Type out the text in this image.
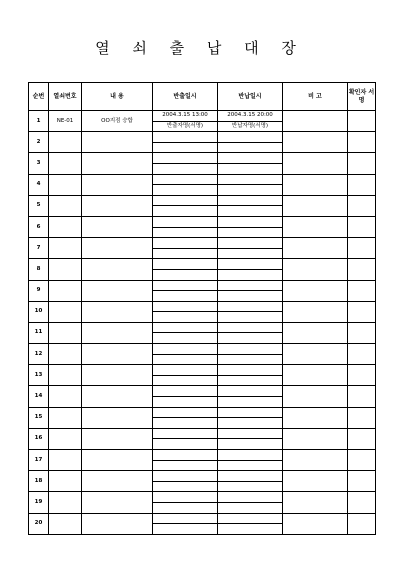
열 쇠 출 납 대 장
순번	열쇠번호	내 용	반출일시	반납일시	비 고	확인자 서명
1	NE-01	OO지점 승합	2004.3.15 13:00	2004.3.15 20:00		
			반출자명(서명)	반납자명(서명)		
2						

3						

4						

5						

6						

7						

8						

9						

10						

11						

12						

13						

14						

15						

16						

17						

18						

19						

20						
